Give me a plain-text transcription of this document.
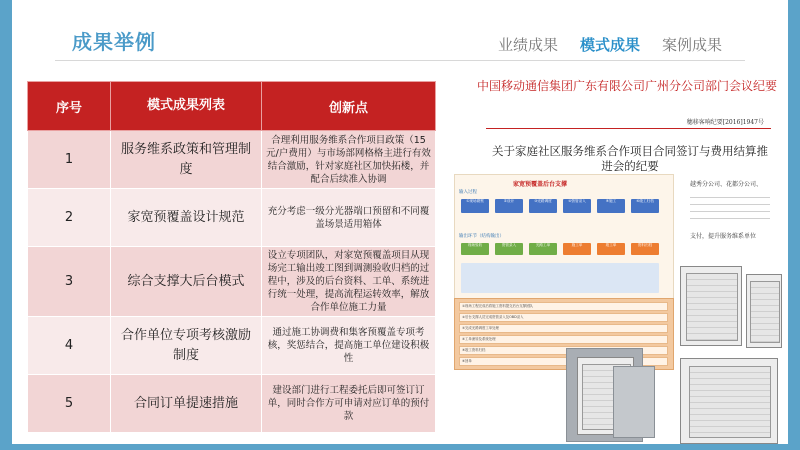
成果举例	业绩成果 模式成果 案例成果
序号	模式成果列表	创新点
1	服务维系政策和管理制度	合理利用服务维系合作项目政策（15元/户费用）与市场部网格格主进行有效结合激励，针对家庭社区加快拓楼，并配合后续准入协调
2	家宽预覆盖设计规范	充分考虑一级分光器端口预留和不同覆盖场景适用箱体
3	综合支撑大后台模式	设立专项团队，对家宽预覆盖项目从现场完工输出竣工图到调测验收归档的过程中，涉及的后台资料、工单、系统进行统一处理，提高流程运转效率，解放合作单位施工力量
4	合作单位专项考核激励制度	通过施工协调费和集客预覆盖专项考核，奖惩结合，提高施工单位建设积极性
5	合同订单提速措施	建设部门进行工程委托后即可签订订单，同时合作方可申请对应订单的预付款
中国移动通信集团广东有限公司广州分公司部门会议纪要
穗移客响纪要[2016]1947号
关于家庭社区服务维系合作项目合同签订与费用结算推进会的纪要
越秀分公司、花都分公司、
支付，提升服务维系单位
家宽预覆盖后台支撑
输入过程
①现场勘察	②设计	③光路调度	④资管录入	⑤施工	⑥竣工归档
输出环节（结构输出）
现场验收	资管录入	光路工单	施工单	竣工单	资料归档
①现场工程完成后将施工资料提交后台支撑团队
②后台支撑人员完成资管录入及OBD录入
③完成光路调度工单处理
④工单流转及系统处理
⑤竣工资料归档
⑥回单
